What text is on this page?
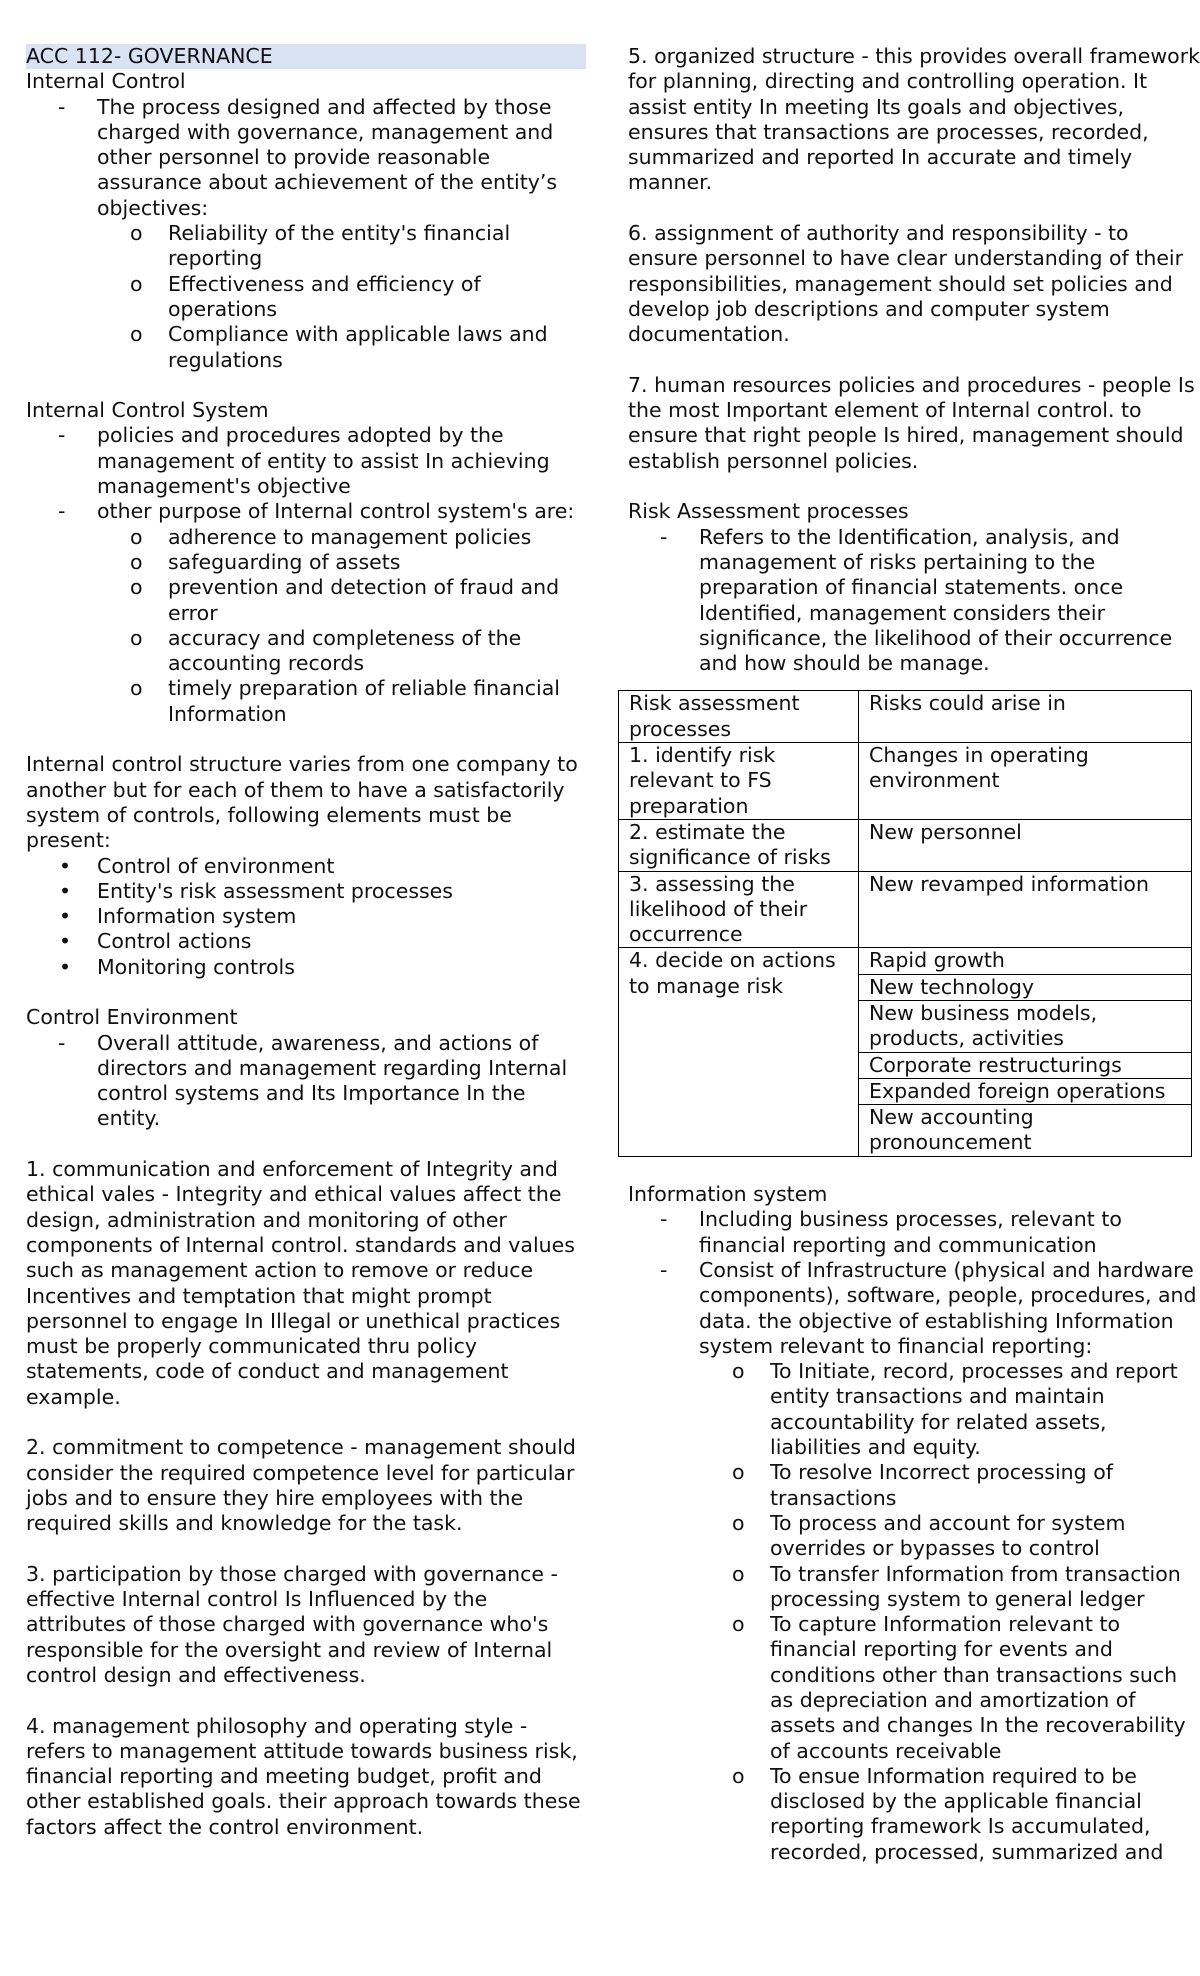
ACC 112- GOVERNANCE

Internal Control

-	The process designed and affected by those charged with governance, management and other personnel to provide reasonable assurance about achievement of the entity’s objectives:
o	Reliability of the entity's financial reporting
o	Effectiveness and efficiency of operations
o	Compliance with applicable laws and regulations

Internal Control System

-	policies and procedures adopted by the management of entity to assist In achieving management's objective
-	other purpose of Internal control system's are:
o	adherence to management policies
o	safeguarding of assets
o	prevention and detection of fraud and error
o	accuracy and completeness of the accounting records
o	timely preparation of reliable financial Information

Internal control structure varies from one company to another but for each of them to have a satisfactorily system of controls, following elements must be present:

•	Control of environment
•	Entity's risk assessment processes
•	Information system
•	Control actions
•	Monitoring controls

Control Environment

-	Overall attitude, awareness, and actions of directors and management regarding Internal control systems and Its Importance In the entity.

1. communication and enforcement of Integrity and ethical vales - Integrity and ethical values affect the design, administration and monitoring of other components of Internal control. standards and values such as management action to remove or reduce Incentives and temptation that might prompt personnel to engage In Illegal or unethical practices must be properly communicated thru policy statements, code of conduct and management example.

2. commitment to competence - management should consider the required competence level for particular jobs and to ensure they hire employees with the required skills and knowledge for the task.

3. participation by those charged with governance - effective Internal control Is Influenced by the attributes of those charged with governance who's responsible for the oversight and review of Internal control design and effectiveness.

4. management philosophy and operating style - refers to management attitude towards business risk, financial reporting and meeting budget, profit and other established goals. their approach towards these factors affect the control environment.

5. organized structure - this provides overall framework for planning, directing and controlling operation. It assist entity In meeting Its goals and objectives, ensures that transactions are processes, recorded, summarized and reported In accurate and timely manner.

6. assignment of authority and responsibility - to ensure personnel to have clear understanding of their responsibilities, management should set policies and develop job descriptions and computer system documentation.

7. human resources policies and procedures - people Is the most Important element of Internal control. to ensure that right people Is hired, management should establish personnel policies.

Risk Assessment processes

-	Refers to the Identification, analysis, and management of risks pertaining to the preparation of financial statements. once Identified, management considers their significance, the likelihood of their occurrence and how should be manage.
Risk assessment processes	Risks could arise in
1. identify risk relevant to FS preparation	Changes in operating environment
2. estimate the significance of risks	New personnel
3. assessing the likelihood of their occurrence	New revamped information
4. decide on actions to manage risk	Rapid growth
	New technology
	New business models, products, activities
	Corporate restructurings
	Expanded foreign operations
	New accounting pronouncement

Information system

-	Including business processes, relevant to financial reporting and communication
-	Consist of Infrastructure (physical and hardware components), software, people, procedures, and data. the objective of establishing Information system relevant to financial reporting:
o	To Initiate, record, processes and report entity transactions and maintain accountability for related assets, liabilities and equity.
o	To resolve Incorrect processing of transactions
o	To process and account for system overrides or bypasses to control
o	To transfer Information from transaction processing system to general ledger
o	To capture Information relevant to financial reporting for events and conditions other than transactions such as depreciation and amortization of assets and changes In the recoverability of accounts receivable
o	To ensue Information required to be disclosed by the applicable financial reporting framework Is accumulated, recorded, processed, summarized and
